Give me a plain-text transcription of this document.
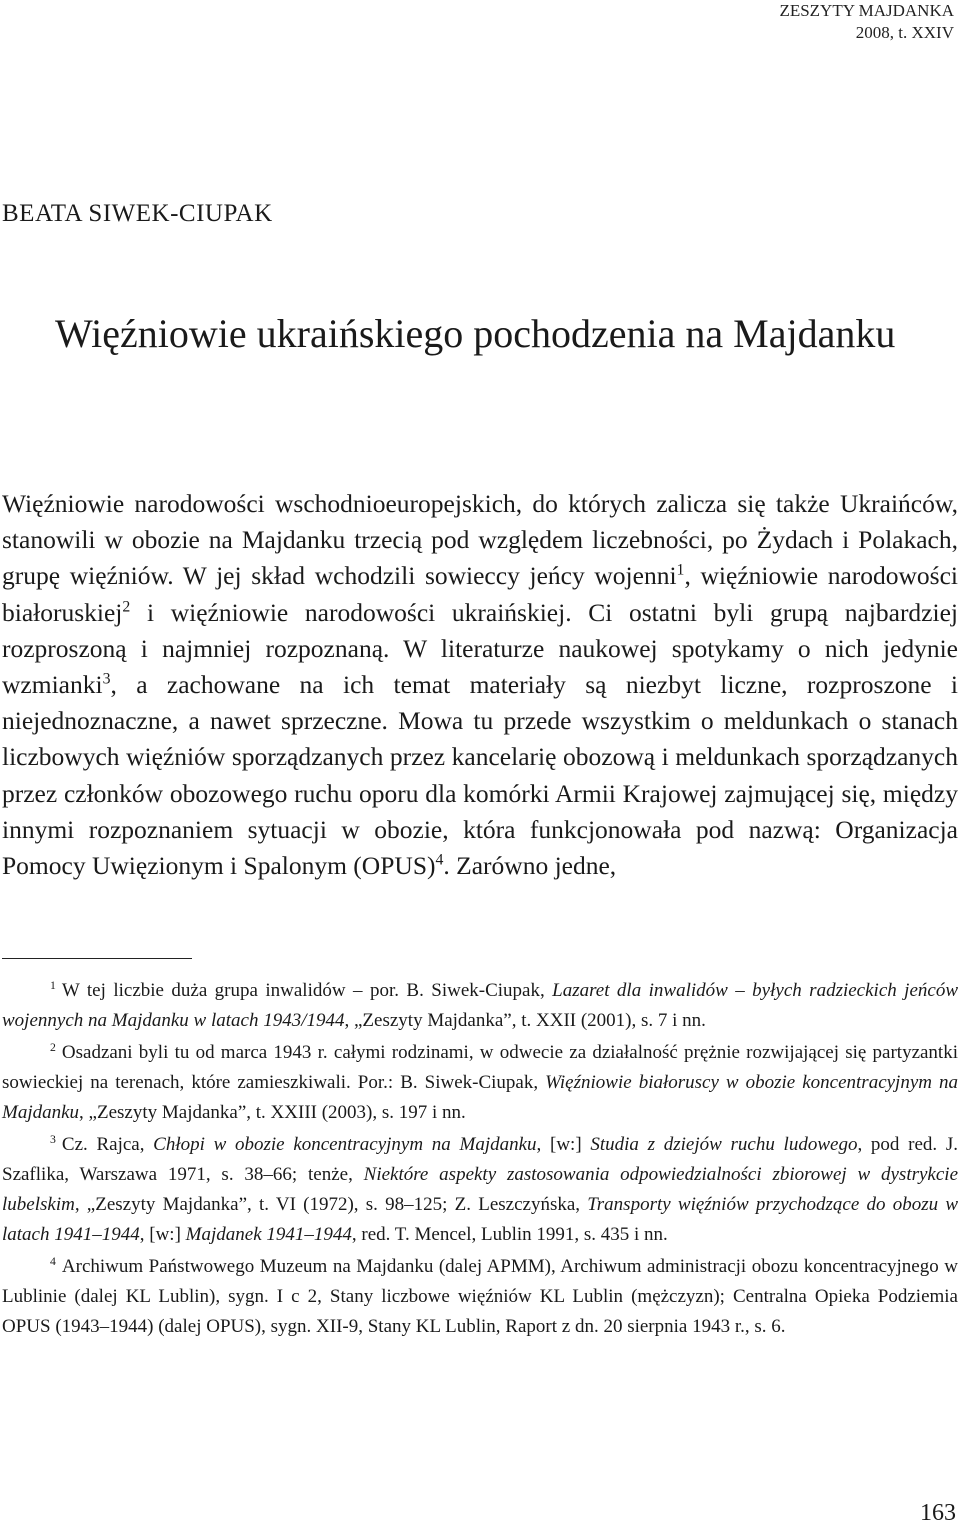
ZESZYTY MAJDANKA
2008, t. XXIV
BEATA SIWEK-CIUPAK
Więźniowie ukraińskiego pochodzenia na Majdanku

Więźniowie narodowości wschodnioeuropejskich, do których zalicza się także Ukraińców, stanowili w obozie na Majdanku trzecią pod względem liczebności, po Żydach i Polakach, grupę więźniów. W jej skład wchodzili sowieccy jeńcy wojenni$^1$, więźniowie narodowości białoruskiej$^2$ i więźniowie narodowości ukraińskiej. Ci ostatni byli grupą najbardziej rozproszoną i najmniej rozpoznaną. W literaturze naukowej spotykamy o nich jedynie wzmianki$^3$, a zachowane na ich temat materiały są niezbyt liczne, rozproszone i niejednoznaczne, a nawet sprzeczne. Mowa tu przede wszystkim o meldunkach o stanach liczbowych więźniów sporządzanych przez kancelarię obozową i meldunkach sporządzanych przez członków obozowego ruchu oporu dla komórki Armii Krajowej zajmującej się, między innymi rozpoznaniem sytuacji w obozie, która funkcjonowała pod nazwą: Organizacja Pomocy Uwięzionym i Spalonym (OPUS)$^4$. Zarówno jedne,

$^1$ W tej liczbie duża grupa inwalidów – por. B. Siwek-Ciupak, Lazaret dla inwalidów – byłych radzieckich jeńców wojennych na Majdanku w latach 1943/1944, „Zeszyty Majdanka”, t. XXII (2001), s. 7 i nn.

$^2$ Osadzani byli tu od marca 1943 r. całymi rodzinami, w odwecie za działalność prężnie rozwijającej się partyzantki sowieckiej na terenach, które zamieszkiwali. Por.: B. Siwek-Ciupak, Więźniowie białoruscy w obozie koncentracyjnym na Majdanku, „Zeszyty Majdanka”, t. XXIII (2003), s. 197 i nn.

$^3$ Cz. Rajca, Chłopi w obozie koncentracyjnym na Majdanku, [w:] Studia z dziejów ruchu ludowego, pod red. J. Szaflika, Warszawa 1971, s. 38–66; tenże, Niektóre aspekty zastosowania odpowiedzialności zbiorowej w dystrykcie lubelskim, „Zeszyty Majdanka”, t. VI (1972), s. 98–125; Z. Leszczyńska, Transporty więźniów przychodzące do obozu w latach 1941–1944, [w:] Majdanek 1941–1944, red. T. Mencel, Lublin 1991, s. 435 i nn.

$^4$ Archiwum Państwowego Muzeum na Majdanku (dalej APMM), Archiwum administracji obozu koncentracyjnego w Lublinie (dalej KL Lublin), sygn. I c 2, Stany liczbowe więźniów KL Lublin (mężczyzn); Centralna Opieka Podziemia OPUS (1943–1944) (dalej OPUS), sygn. XII-9, Stany KL Lublin, Raport z dn. 20 sierpnia 1943 r., s. 6.

163
